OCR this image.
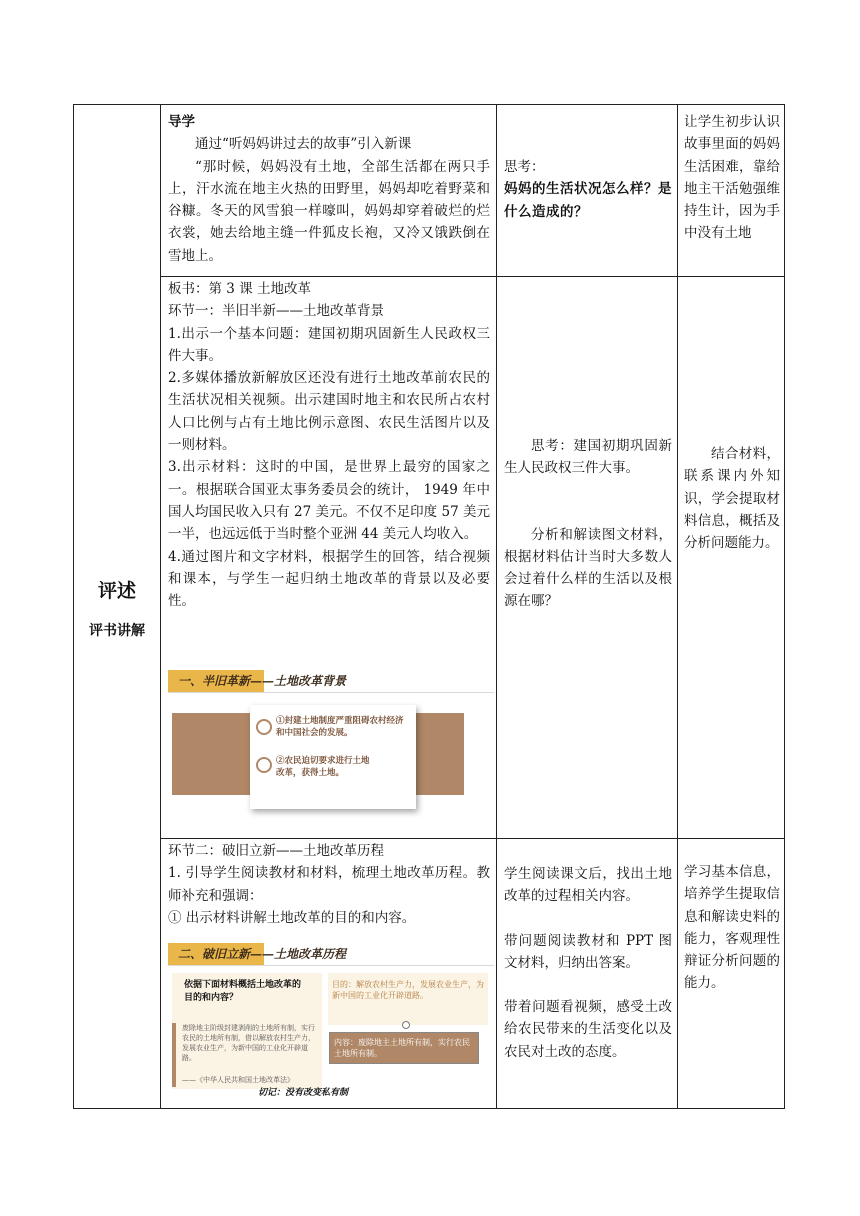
评述
评书讲解

导学

通过“听妈妈讲过去的故事”引入新课

“那时候，妈妈没有土地，全部生活都在两只手上，汗水流在地主火热的田野里，妈妈却吃着野菜和谷糠。冬天的风雪狼一样嚎叫，妈妈却穿着破烂的烂衣裳，她去给地主缝一件狐皮长袍，又冷又饿跌倒在雪地上。

思考：

妈妈的生活状况怎么样？是什么造成的？

让学生初步认识故事里面的妈妈生活困难，靠给地主干活勉强维持生计，因为手中没有土地

板书：第 3 课 土地改革

环节一：半旧半新——土地改革背景

1.出示一个基本问题：建国初期巩固新生人民政权三件大事。

2.多媒体播放新解放区还没有进行土地改革前农民的生活状况相关视频。出示建国时地主和农民所占农村人口比例与占有土地比例示意图、农民生活图片以及一则材料。

3.出示材料：这时的中国，是世界上最穷的国家之一。根据联合国亚太事务委员会的统计， 1949 年中国人均国民收入只有 27 美元。不仅不足印度 57 美元一半，也远远低于当时整个亚洲 44 美元人均收入。

4.通过图片和文字材料，根据学生的回答，结合视频和课本，与学生一起归纳土地改革的背景以及必要性。

思考：建国初期巩固新生人民政权三件大事。

分析和解读图文材料，根据材料估计当时大多数人会过着什么样的生活以及根源在哪？

结合材料，联系课内外知识，学会提取材料信息，概括及分析问题能力。
一、半旧革新——土地改革背景
①封建土地制度严重阻碍农村经济和中国社会的发展。
②农民迫切要求进行土地改革，获得土地。

环节二：破旧立新——土地改革历程

1. 引导学生阅读教材和材料，梳理土地改革历程。教师补充和强调：

① 出示材料讲解土地改革的目的和内容。

学生阅读课文后，找出土地改革的过程相关内容。

带问题阅读教材和 PPT 图文材料，归纳出答案。

带着问题看视频，感受土改给农民带来的生活变化以及农民对土改的态度。

学习基本信息，培养学生提取信息和解读史料的能力，客观理性辩证分析问题的能力。
二、破旧立新——土地改革历程
依据下面材料概括土地改革的目的和内容？
废除地主阶级封建剥削的土地所有制，实行农民的土地所有制，借以解放农村生产力，发展农业生产，为新中国的工业化开辟道路。
——《中华人民共和国土地改革法》
目的：解放农村生产力，发展农业生产，为新中国的工业化开辟道路。
内容：废除地主土地所有制，实行农民土地所有制。
切记：没有改变私有制
